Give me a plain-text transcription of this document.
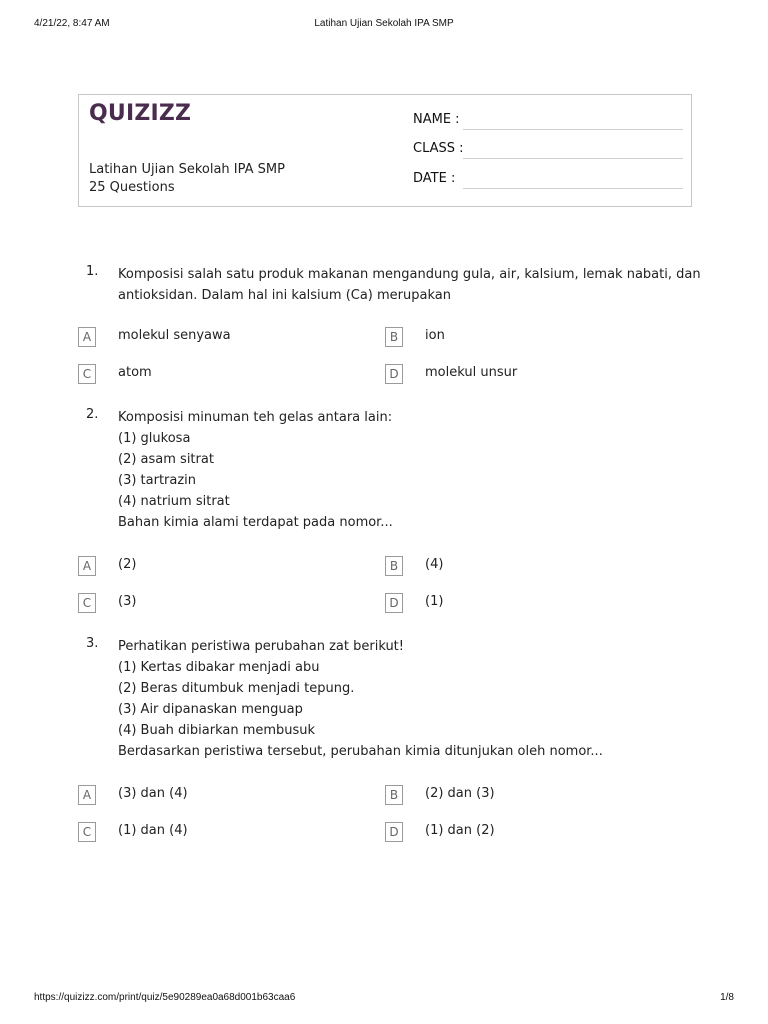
4/21/22, 8:47 AM	Latihan Ujian Sekolah IPA SMP
QUIZIZZ
Latihan Ujian Sekolah IPA SMP
25 Questions
NAME :
CLASS :
DATE :
1. Komposisi salah satu produk makanan mengandung gula, air, kalsium, lemak nabati, dan
antioksidan. Dalam hal ini kalsium (Ca) merupakan
A	molekul senyawa	B	ion
C	atom	D	molekul unsur
2. Komposisi minuman teh gelas antara lain:
(1) glukosa
(2) asam sitrat
(3) tartrazin
(4) natrium sitrat
Bahan kimia alami terdapat pada nomor...
A	(2)	B	(4)
C	(3)	D	(1)
3. Perhatikan peristiwa perubahan zat berikut!
(1) Kertas dibakar menjadi abu
(2) Beras ditumbuk menjadi tepung.
(3) Air dipanaskan menguap
(4) Buah dibiarkan membusuk
Berdasarkan peristiwa tersebut, perubahan kimia ditunjukan oleh nomor...
A	(3) dan (4)	B	(2) dan (3)
C	(1) dan (4)	D	(1) dan (2)
https://quizizz.com/print/quiz/5e90289ea0a68d001b63caa6	1/8
